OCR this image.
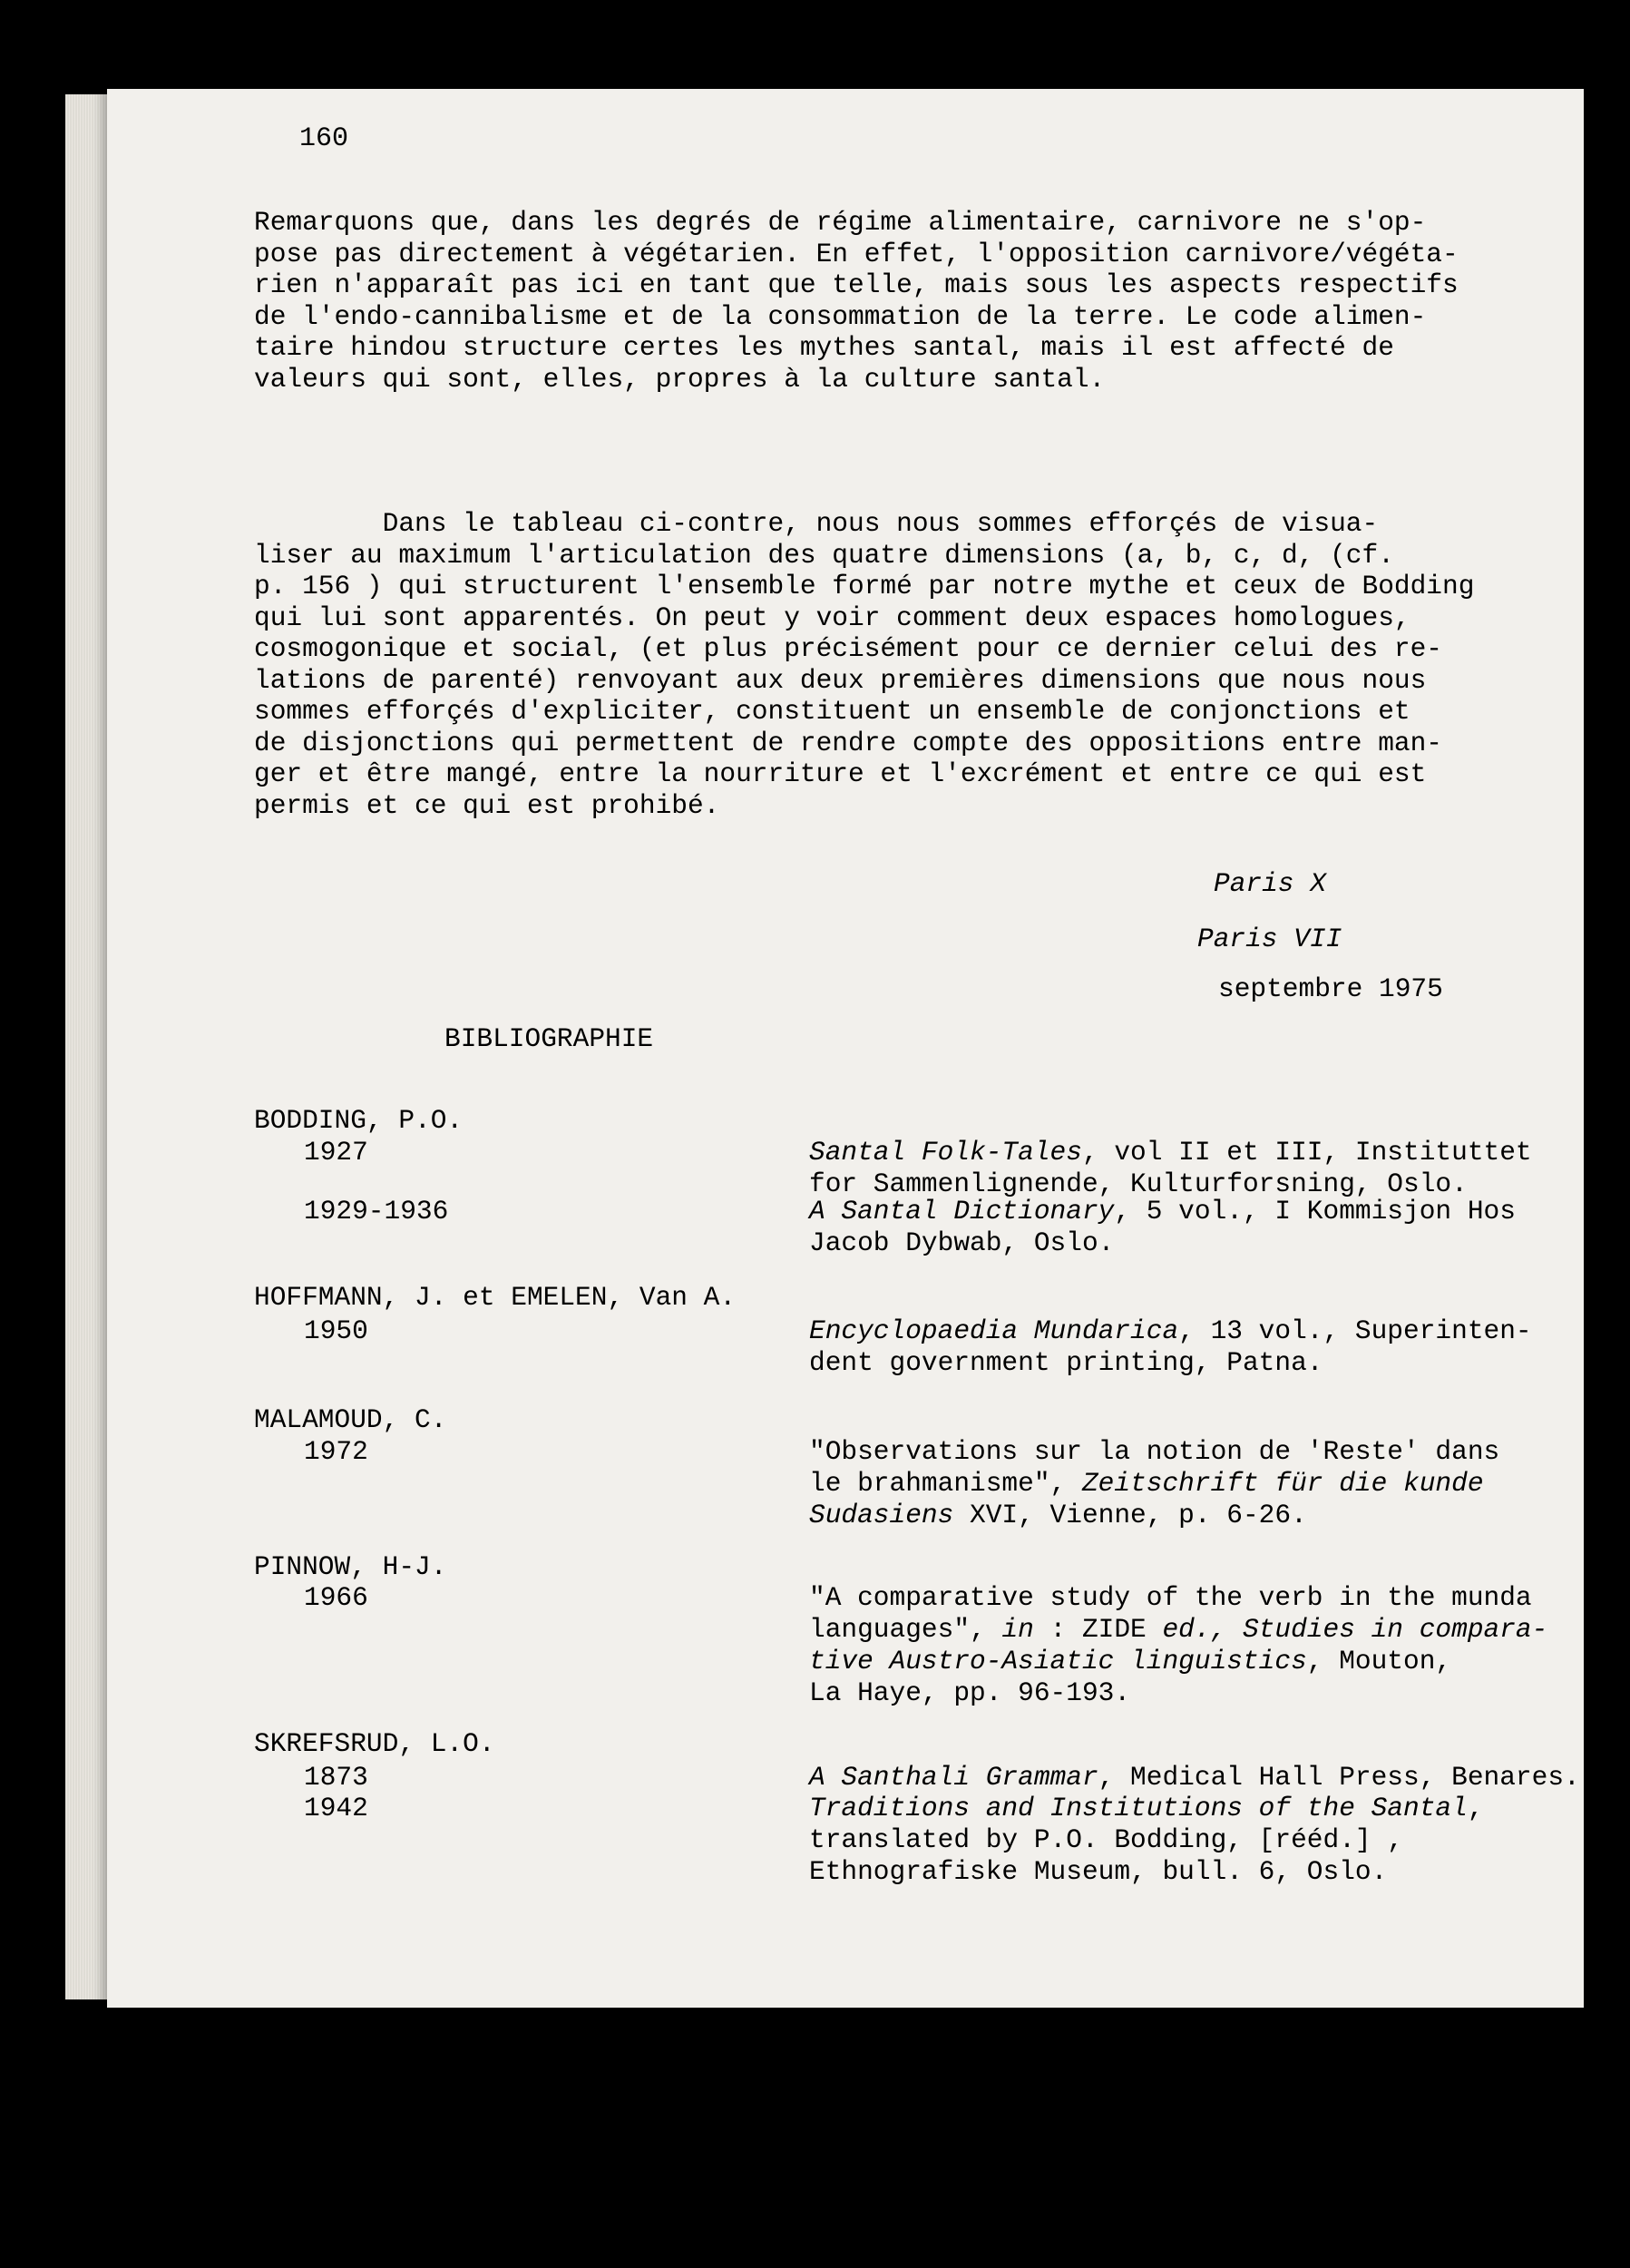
160
Remarquons que, dans les degrés de régime alimentaire, carnivore ne s'op-
pose pas directement à végétarien. En effet, l'opposition carnivore/végéta-
rien n'apparaît pas ici en tant que telle, mais sous les aspects respectifs
de l'endo-cannibalisme et de la consommation de la terre. Le code alimen-
taire hindou structure certes les mythes santal, mais il est affecté de
valeurs qui sont, elles, propres à la culture santal.
Dans le tableau ci-contre, nous nous sommes efforçés de visua-
liser au maximum l'articulation des quatre dimensions (a, b, c, d, (cf.
p. 156 ) qui structurent l'ensemble formé par notre mythe et ceux de Bodding
qui lui sont apparentés. On peut y voir comment deux espaces homologues,
cosmogonique et social, (et plus précisément pour ce dernier celui des re-
lations de parenté) renvoyant aux deux premières dimensions que nous nous
sommes efforçés d'expliciter, constituent un ensemble de conjonctions et
de disjonctions qui permettent de rendre compte des oppositions entre man-
ger et être mangé, entre la nourriture et l'excrément et entre ce qui est
permis et ce qui est prohibé.
Paris X
Paris VII
septembre 1975
BIBLIOGRAPHIE
BODDING, P.O.
1927	Santal Folk-Tales, vol II et III, Instituttet
for Sammenlignende, Kulturforsning, Oslo.
1929-1936	A Santal Dictionary, 5 vol., I Kommisjon Hos
Jacob Dybwab, Oslo.
HOFFMANN, J. et EMELEN, Van A.
1950	Encyclopaedia Mundarica, 13 vol., Superinten-
dent government printing, Patna.
MALAMOUD, C.
1972	"Observations sur la notion de 'Reste' dans
le brahmanisme", Zeitschrift für die kunde
Sudasiens XVI, Vienne, p. 6-26.
PINNOW, H-J.
1966	"A comparative study of the verb in the munda
languages", in : ZIDE ed., Studies in compara-
tive Austro-Asiatic linguistics, Mouton,
La Haye, pp. 96-193.
SKREFSRUD, L.O.
1873	A Santhali Grammar, Medical Hall Press, Benares.
1942	Traditions and Institutions of the Santal,
translated by P.O. Bodding, [rééd.] ,
Ethnografiske Museum, bull. 6, Oslo.
